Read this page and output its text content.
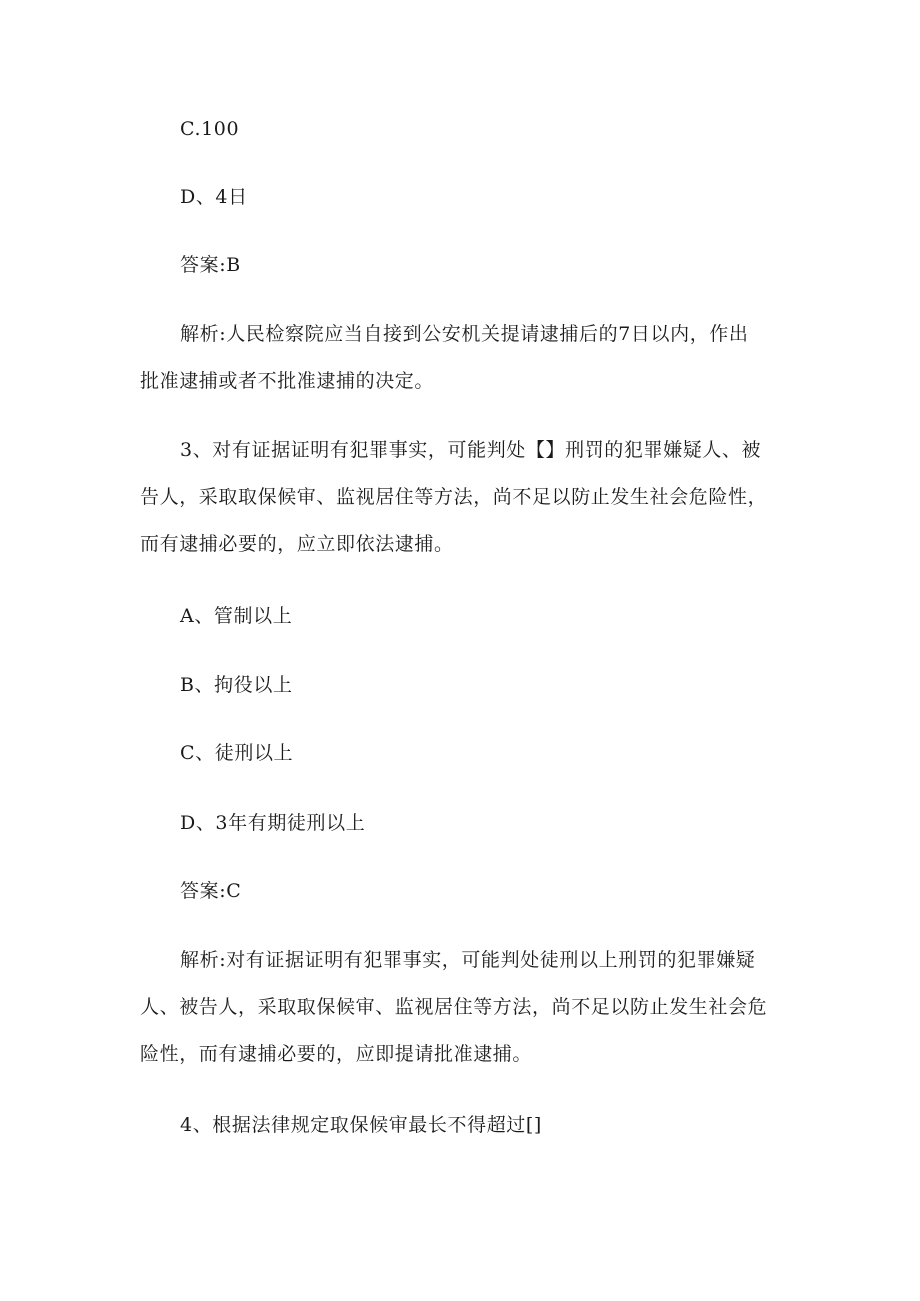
C.100

D、4日

答案:B

解析:人民检察院应当自接到公安机关提请逮捕后的7日以内，作出

批准逮捕或者不批准逮捕的决定。

3、对有证据证明有犯罪事实，可能判处【】刑罚的犯罪嫌疑人、被

告人，采取取保候审、监视居住等方法，尚不足以防止发生社会危险性，

而有逮捕必要的，应立即依法逮捕。

A、管制以上

B、拘役以上

C、徒刑以上

D、3年有期徒刑以上

答案:C

解析:对有证据证明有犯罪事实，可能判处徒刑以上刑罚的犯罪嫌疑

人、被告人，采取取保候审、监视居住等方法，尚不足以防止发生社会危

险性，而有逮捕必要的，应即提请批准逮捕。

4、根据法律规定取保候审最长不得超过[]
